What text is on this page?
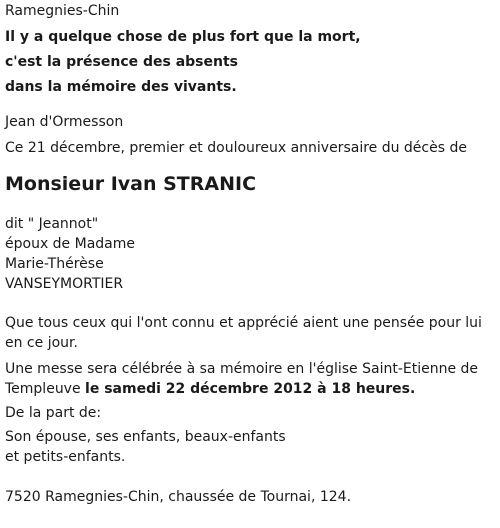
Ramegnies-Chin
Il y a quelque chose de plus fort que la mort,
c'est la présence des absents
dans la mémoire des vivants.
Jean d'Ormesson
Ce 21 décembre, premier et douloureux anniversaire du décès de
Monsieur Ivan STRANIC
dit " Jeannot"
époux de Madame
Marie-Thérèse
VANSEYMORTIER
Que tous ceux qui l'ont connu et apprécié aient une pensée pour lui en ce jour.
Une messe sera célébrée à sa mémoire en l'église Saint-Etienne de
Templeuve le samedi 22 décembre 2012 à 18 heures.
De la part de:
Son épouse, ses enfants, beaux-enfants
et petits-enfants.
7520 Ramegnies-Chin, chaussée de Tournai, 124.
